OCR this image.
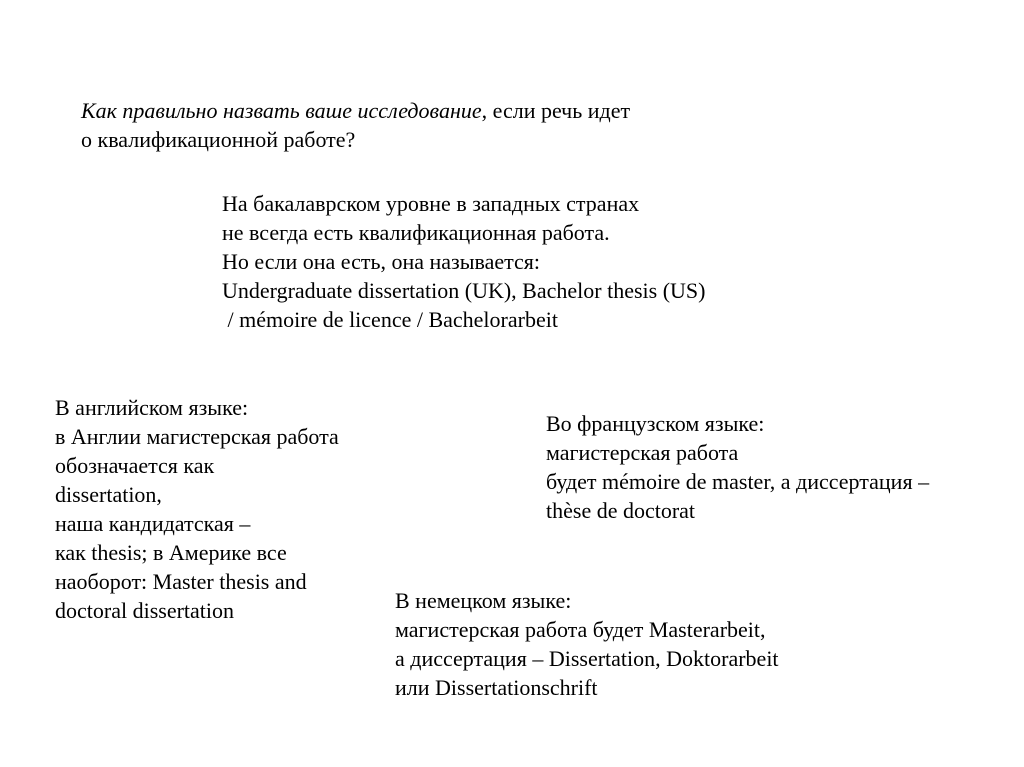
Как правильно назвать ваше исследование, если речь идет
о квалификационной работе?
На бакалаврском уровне в западных странах
не всегда есть квалификационная работа.
Но если она есть, она называется:
Undergraduate dissertation (UK), Bachelor thesis (US)
/ mémoire de licence / Bachelorarbeit
В английском языке:
в Англии магистерская работа
обозначается как
dissertation,
наша кандидатская –
как thesis; в Америке все
наоборот: Master thesis and
doctoral dissertation
Во французском языке:
магистерская работа
будет mémoire de master, а диссертация –
thèse de doctorat
В немецком языке:
магистерская работа будет Masterarbeit,
а диссертация – Dissertation, Doktorarbeit
или Dissertationschrift
